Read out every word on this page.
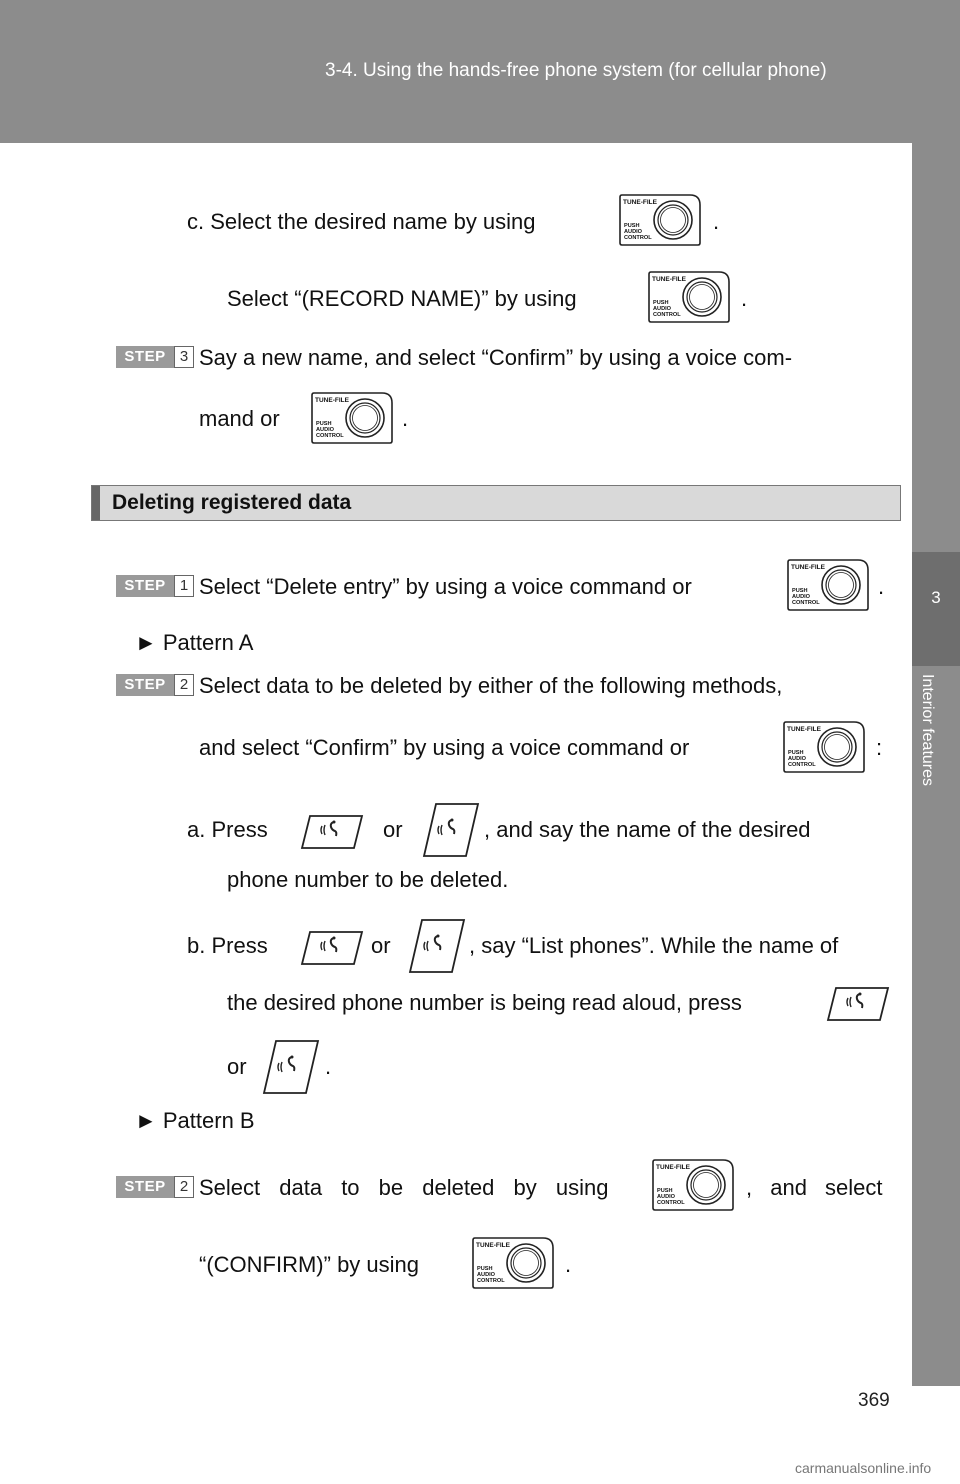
3-4. Using the hands-free phone system (for cellular phone)
3
Interior features
c. Select the desired name by using
TUNE-FILE
PUSH
AUDIO
CONTROL
.
Select “(RECORD NAME)” by using
TUNE-FILE
PUSH
AUDIO
CONTROL
.
STEP 3 Say a new name, and select “Confirm” by using a voice com-
mand or
TUNE-FILE
PUSH
AUDIO
CONTROL
.
Deleting registered data
STEP 1 Select “Delete entry” by using a voice command or
TUNE-FILE
PUSH
AUDIO
CONTROL
.
► Pattern A
STEP 2 Select data to be deleted by either of the following methods,
and select “Confirm” by using a voice command or
TUNE-FILE
PUSH
AUDIO
CONTROL
:
a. Press	or	, and say the name of the desired
phone number to be deleted.
b. Press	or	, say “List phones”. While the name of
the desired phone number is being read aloud, press
or	.
► Pattern B
STEP 2 Select data to be deleted by using
TUNE-FILE
PUSH
AUDIO
CONTROL
, and select
“(CONFIRM)” by using
TUNE-FILE
PUSH
AUDIO
CONTROL
.
369
carmanualsonline.info
